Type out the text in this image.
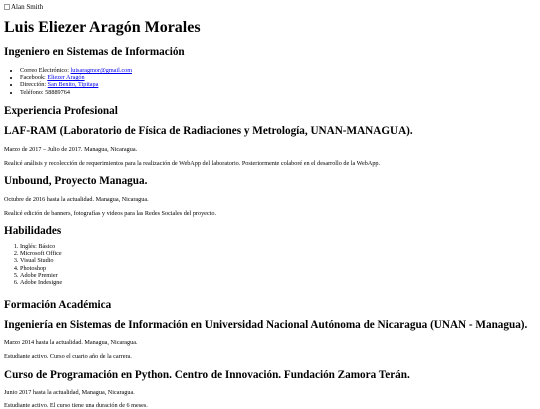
Alan Smith
Luis Eliezer Aragón Morales
Ingeniero en Sistemas de Información
• Correo Electrónico: luisaragmor@gmail.com
• Facebook: Eliezer Aragón
• Dirección: San Benito, Tipitapa
• Teléfono: 58889764
Experiencia Profesional
LAF-RAM (Laboratorio de Física de Radiaciones y Metrología, UNAN-MANAGUA).

Marzo de 2017 – Julio de 2017. Managua, Nicaragua.

Realicé análisis y recolección de requerimientos para la realización de WebApp del laboratorio. Posteriormente colaboré en el desarrollo de la WebApp.

Unbound, Proyecto Managua.

Octubre de 2016 hasta la actualidad. Managua, Nicaragua.

Realicé edición de banners, fotografías y videos para las Redes Sociales del proyecto.

Habilidades
1. Inglés: Básico
2. Microsoft Office
3. Visual Studio
4. Photoshop
5. Adobe Premier
6. Adobe Indesigne
Formación Académica
Ingeniería en Sistemas de Información en Universidad Nacional Autónoma de Nicaragua (UNAN - Managua).

Marzo 2014 hasta la actualidad. Managua, Nicaragua.

Estudiante activo. Curso el cuarto año de la carrera.

Curso de Programación en Python. Centro de Innovación. Fundación Zamora Terán.

Junio 2017 hasta la actualidad, Managua, Nicaragua.

Estudiante activo. El curso tiene una duración de 6 meses.
